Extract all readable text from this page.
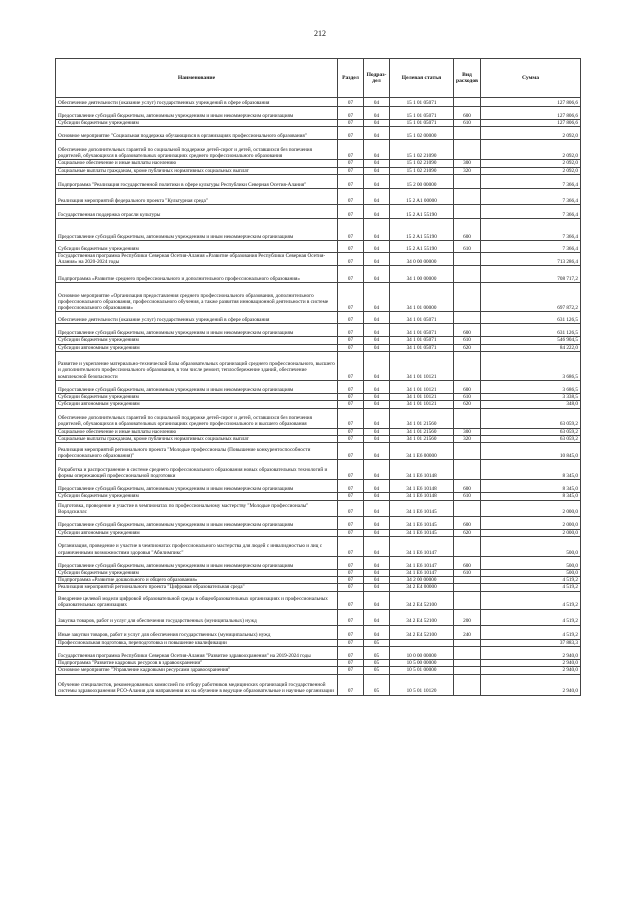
212
Наименование	Раздел	Подраз-дел	Целевая статья	Вид расходов	Сумма
Обеспечение деятельности (оказание услуг) государственных учреждений в сфере образования	07	04	15 1 01 05071		127 806,6
Предоставление субсидий бюджетным, автономным учреждениям и иным некоммерческим организациям	07	04	15 1 01 05071	600	127 806,6
Субсидии бюджетным учреждениям	07	04	15 1 01 05071	610	127 806,6
Основное мероприятие "Социальная поддержка обучающихся в организациях профессионального образования"	07	04	15 1 02 00000		2 092,0
Обеспечение дополнительных гарантий по социальной поддержке детей-сирот и детей, оставшихся без попечения родителей, обучающихся в образовательных организациях среднего профессионального образования	07	04	15 1 02 21090		2 092,0
Социальное обеспечение и иные выплаты населению	07	04	15 1 02 21090	300	2 092,0
Социальные выплаты гражданам, кроме публичных нормативных социальных выплат	07	04	15 1 02 21090	320	2 092,0
Подпрограмма "Реализация государственной политики в сфере культуры Республики Северная Осетия-Алания"	07	04	15 2 00 00000		7 366,4
Реализация мероприятий федерального проекта "Культурная среда"	07	04	15 2 A1 00000		7 366,4
Государственная поддержка отрасли культуры	07	04	15 2 A1 55190		7 366,4
Предоставление субсидий бюджетным, автономным учреждениям и иным некоммерческим организациям	07	04	15 2 A1 55190	600	7 366,4
Субсидии бюджетным учреждениям	07	04	15 2 A1 55190	610	7 366,4
Государственная программа Республики Северная Осетия-Алания «Развитие образования Республики Северная Осетия-Алания» на 2020-2024 годы	07	04	34 0 00 00000		713 286,4
Подпрограмма «Развитие среднего профессионального и дополнительного профессионального образования»	07	04	34 1 00 00000		708 717,2
Основное мероприятие «Организация предоставления среднего профессионального образования, дополнительного профессионального образования, профессионального обучения, а также развития инновационной деятельности в системе профессионального образования»	07	04	34 1 01 00000		697 872,2
Обеспечение деятельности (оказание услуг) государственных учреждений в сфере образования	07	04	34 1 01 05071		631 126,5
Предоставление субсидий бюджетным, автономным учреждениям и иным некоммерческим организациям	07	04	34 1 01 05071	600	631 126,5
Субсидии бюджетным учреждениям	07	04	34 1 01 05071	610	546 904,5
Субсидии автономным учреждениям	07	04	34 1 01 05071	620	84 222,0
Развитие и укрепление материально-технической базы образовательных организаций среднего профессионального, высшего и дополнительного профессионального образования, в том числе ремонт, теплосбережение зданий, обеспечение комплексной безопасности	07	04	34 1 01 10121		3 686,5
Предоставление субсидий бюджетным, автономным учреждениям и иным некоммерческим организациям	07	04	34 1 01 10121	600	3 686,5
Субсидии бюджетным учреждениям	07	04	34 1 01 10121	610	3 338,5
Субсидии автономным учреждениям	07	04	34 1 01 10121	620	348,0
Обеспечение дополнительных гарантий по социальной поддержке детей-сирот и детей, оставшихся без попечения родителей, обучающихся в образовательных организациях среднего профессионального и высшего образования	07	04	34 1 01 21560		63 059,2
Социальное обеспечение и иные выплаты населению	07	04	34 1 01 21560	300	63 059,2
Социальные выплаты гражданам, кроме публичных нормативных социальных выплат	07	04	34 1 01 21560	320	63 059,2
Реализация мероприятий регионального проекта "Молодые профессионалы (Повышение конкурентоспособности профессионального образования)"	07	04	34 1 E6 00000		10 845,0
Разработка и распространение в системе среднего профессионального образования новых образовательных технологий и формы опережающей профессиональной подготовки	07	04	34 1 E6 10148		8 345,0
Предоставление субсидий бюджетным, автономным учреждениям и иным некоммерческим организациям	07	04	34 1 E6 10148	600	8 345,0
Субсидии бюджетным учреждениям	07	04	34 1 E6 10148	610	8 345,0
Подготовка, проведение и участие в чемпионатах по профессиональному мастерству "Молодые профессионалы" Ворлдскиллс	07	04	34 1 E6 10145		2 000,0
Предоставление субсидий бюджетным, автономным учреждениям и иным некоммерческим организациям	07	04	34 1 E6 10145	600	2 000,0
Субсидии автономным учреждениям	07	04	34 1 E6 10145	620	2 000,0
Организация, проведение и участие в чемпионатах профессионального мастерства для людей с инвалидностью и лиц с ограниченными возможностями здоровья "Абилимпикс"	07	04	34 1 E6 10147		500,0
Предоставление субсидий бюджетным, автономным учреждениям и иным некоммерческим организациям	07	04	34 1 E6 10147	600	500,0
Субсидии бюджетным учреждениям	07	04	34 1 E6 10147	610	500,0
Подпрограмма «Развитие дошкольного и общего образования»	07	04	34 2 00 00000		4 519,2
Реализация мероприятий регионального проекта "Цифровая образовательная среда"	07	04	34 2 E4 00000		4 519,2
Внедрение целевой модели цифровой образовательной среды в общеобразовательных организациях и профессиональных образовательных организациях	07	04	34 2 E4 52100		4 519,2
Закупка товаров, работ и услуг для обеспечения государственных (муниципальных) нужд	07	04	34 2 E4 52100	200	4 519,2
Иные закупки товаров, работ и услуг для обеспечения государственных (муниципальных) нужд	07	04	34 2 E4 52100	240	4 519,2
Профессиональная подготовка, переподготовка и повышение квалификации	07	05			37 883,3
Государственная программа Республики Северная Осетия-Алания "Развитие здравоохранения" на 2019-2024 годы	07	05	10 0 00 00000		2 940,0
Подпрограмма "Развитие кадровых ресурсов в здравоохранении"	07	05	10 5 00 00000		2 940,0
Основное мероприятие "Управление кадровыми ресурсами здравоохранения"	07	05	10 5 01 00000		2 940,0
Обучение специалистов, рекомендованных комиссией по отбору работников медицинских организаций государственной системы здравоохранения РСО-Алания для направления их на обучение в ведущие образовательные и научные организации	07	05	10 5 01 10120		2 940,0
